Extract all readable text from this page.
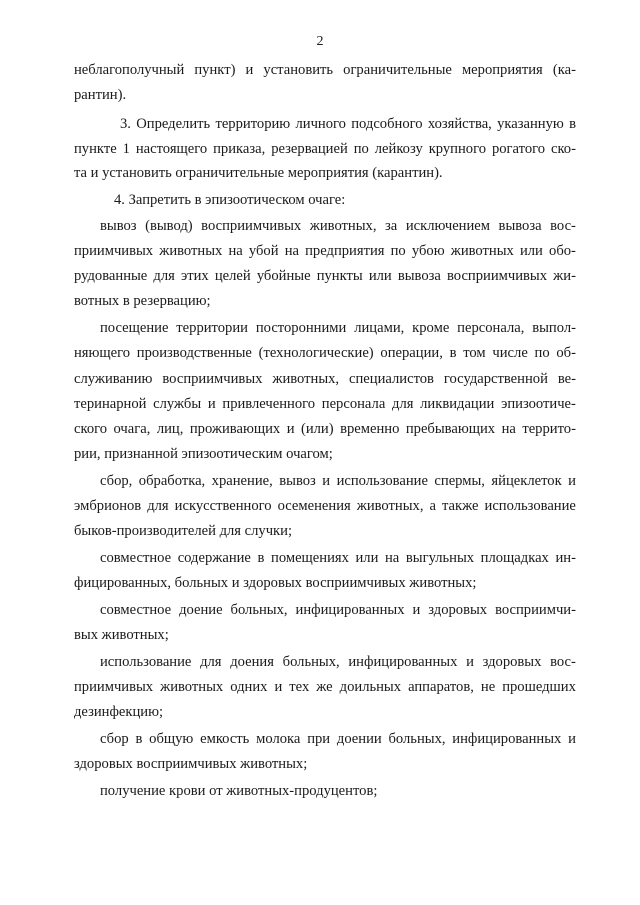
2
неблагополучный пункт) и установить ограничительные мероприятия (ка-
рантин).
3. Определить территорию личного подсобного хозяйства, указанную в
пункте 1 настоящего приказа, резервацией по лейкозу крупного рогатого ско-
та и установить ограничительные мероприятия (карантин).
4. Запретить в эпизоотическом очаге:
вывоз (вывод) восприимчивых животных, за исключением вывоза вос-
приимчивых животных на убой на предприятия по убою животных или обо-
рудованные для этих целей убойные пункты или вывоза восприимчивых жи-
вотных в резервацию;
посещение территории посторонними лицами, кроме персонала, выпол-
няющего производственные (технологические) операции, в том числе по об-
служиванию восприимчивых животных, специалистов государственной ве-
теринарной службы и привлеченного персонала для ликвидации эпизоотиче-
ского очага, лиц, проживающих и (или) временно пребывающих на террито-
рии, признанной эпизоотическим очагом;
сбор, обработка, хранение, вывоз и использование спермы, яйцеклеток и
эмбрионов для искусственного осеменения животных, а также использование
быков-производителей для случки;
совместное содержание в помещениях или на выгульных площадках ин-
фицированных, больных и здоровых восприимчивых животных;
совместное доение больных, инфицированных и здоровых восприимчи-
вых животных;
использование для доения больных, инфицированных и здоровых вос-
приимчивых животных одних и тех же доильных аппаратов, не прошедших
дезинфекцию;
сбор в общую емкость молока при доении больных, инфицированных и
здоровых восприимчивых животных;
получение крови от животных-продуцентов;
